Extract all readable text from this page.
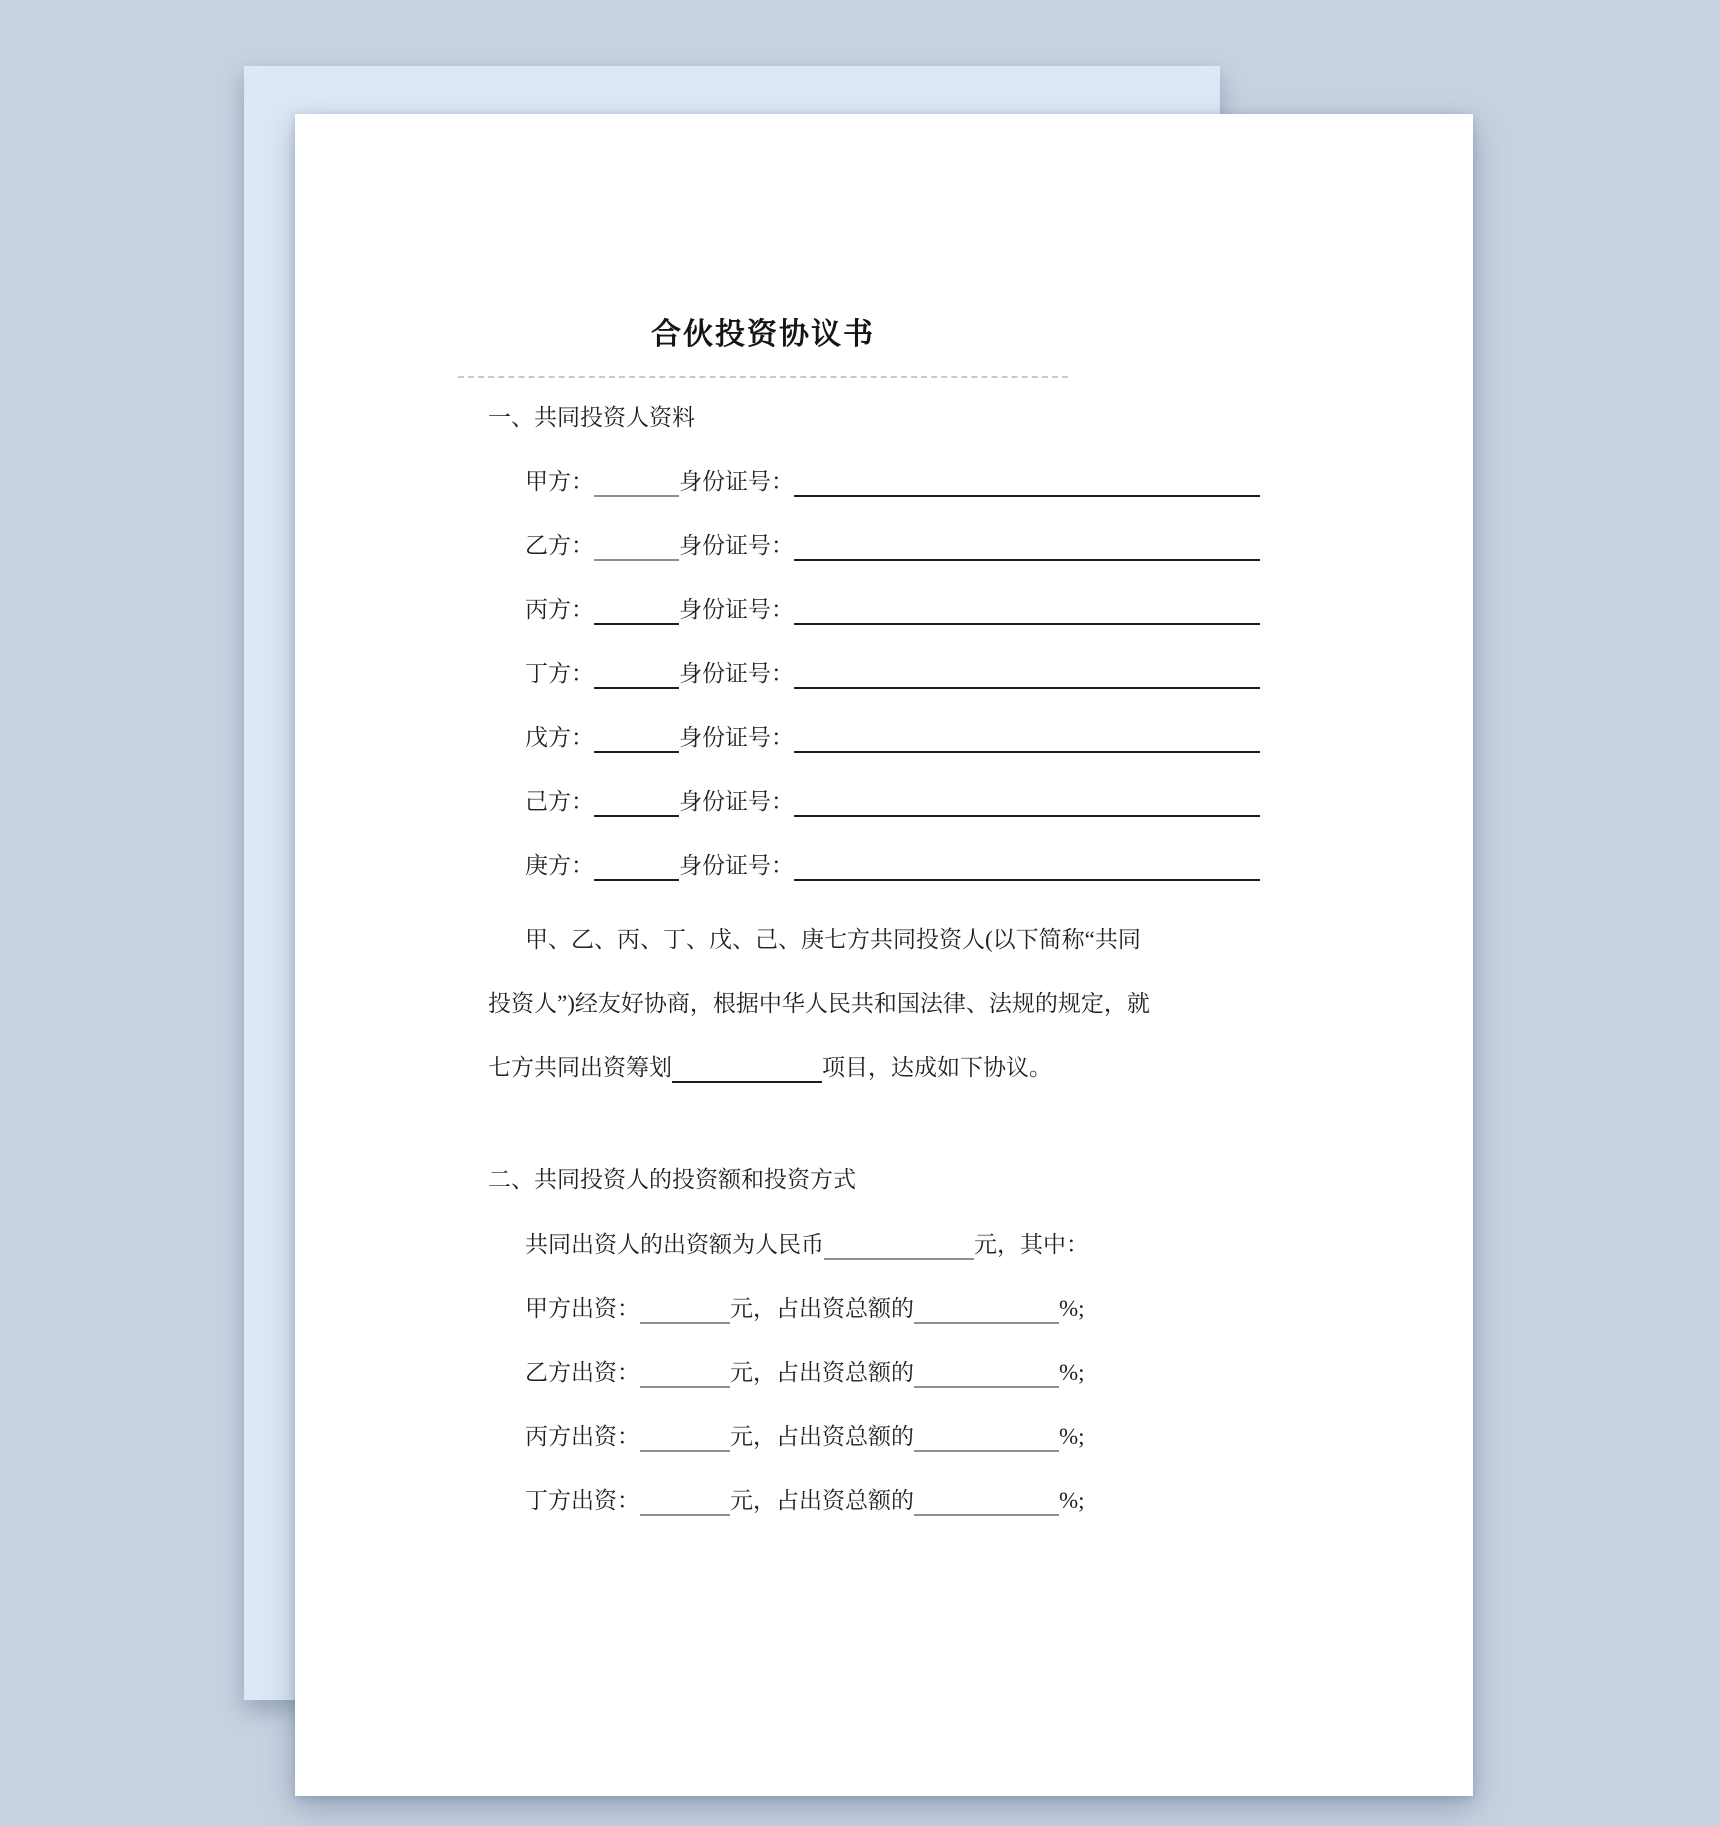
合伙投资协议书
一、共同投资人资料
甲方：	身份证号：
乙方：	身份证号：
丙方：	身份证号：
丁方：	身份证号：
戊方：	身份证号：
己方：	身份证号：
庚方：	身份证号：
甲、乙、丙、丁、戊、己、庚七方共同投资人(以下简称“共同
投资人”)经友好协商，根据中华人民共和国法律、法规的规定，就
七方共同出资筹划	项目，达成如下协议。
二、共同投资人的投资额和投资方式
共同出资人的出资额为人民币	元，其中：
甲方出资：	元，占出资总额的	%;
乙方出资：	元，占出资总额的	%;
丙方出资：	元，占出资总额的	%;
丁方出资：	元，占出资总额的	%;
